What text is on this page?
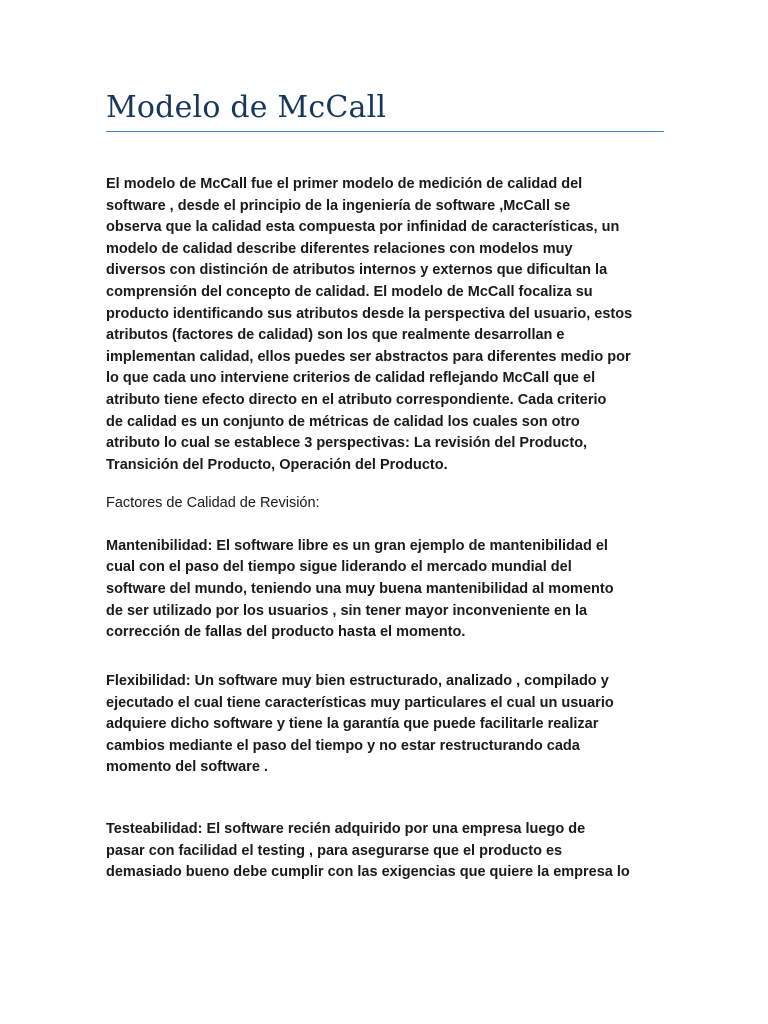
Modelo de McCall

El modelo de McCall fue el primer modelo de medición de calidad del
software , desde el principio de la ingeniería de software ,McCall se
observa que la calidad esta compuesta por infinidad de características, un
modelo de calidad describe diferentes relaciones con modelos muy
diversos con distinción de atributos internos y externos que dificultan la
comprensión del concepto de calidad. El modelo de McCall focaliza su
producto identificando sus atributos desde la perspectiva del usuario, estos
atributos (factores de calidad) son los que realmente desarrollan e
implementan calidad, ellos puedes ser abstractos para diferentes medio por
lo que cada uno interviene criterios de calidad reflejando McCall que el
atributo tiene efecto directo en el atributo correspondiente. Cada criterio
de calidad es un conjunto de métricas de calidad los cuales son otro
atributo lo cual se establece 3 perspectivas: La revisión del Producto,
Transición del Producto, Operación del Producto.

Factores de Calidad de Revisión:

Mantenibilidad: El software libre es un gran ejemplo de mantenibilidad el
cual con el paso del tiempo sigue liderando el mercado mundial del
software del mundo, teniendo una muy buena mantenibilidad al momento
de ser utilizado por los usuarios , sin tener mayor inconveniente en la
corrección de fallas del producto hasta el momento.

Flexibilidad: Un software muy bien estructurado, analizado , compilado y
ejecutado el cual tiene características muy particulares el cual un usuario
adquiere dicho software y tiene la garantía que puede facilitarle realizar
cambios mediante el paso del tiempo y no estar restructurando cada
momento del software .

Testeabilidad: El software recién adquirido por una empresa luego de
pasar con facilidad el testing , para asegurarse que el producto es
demasiado bueno debe cumplir con las exigencias que quiere la empresa lo
